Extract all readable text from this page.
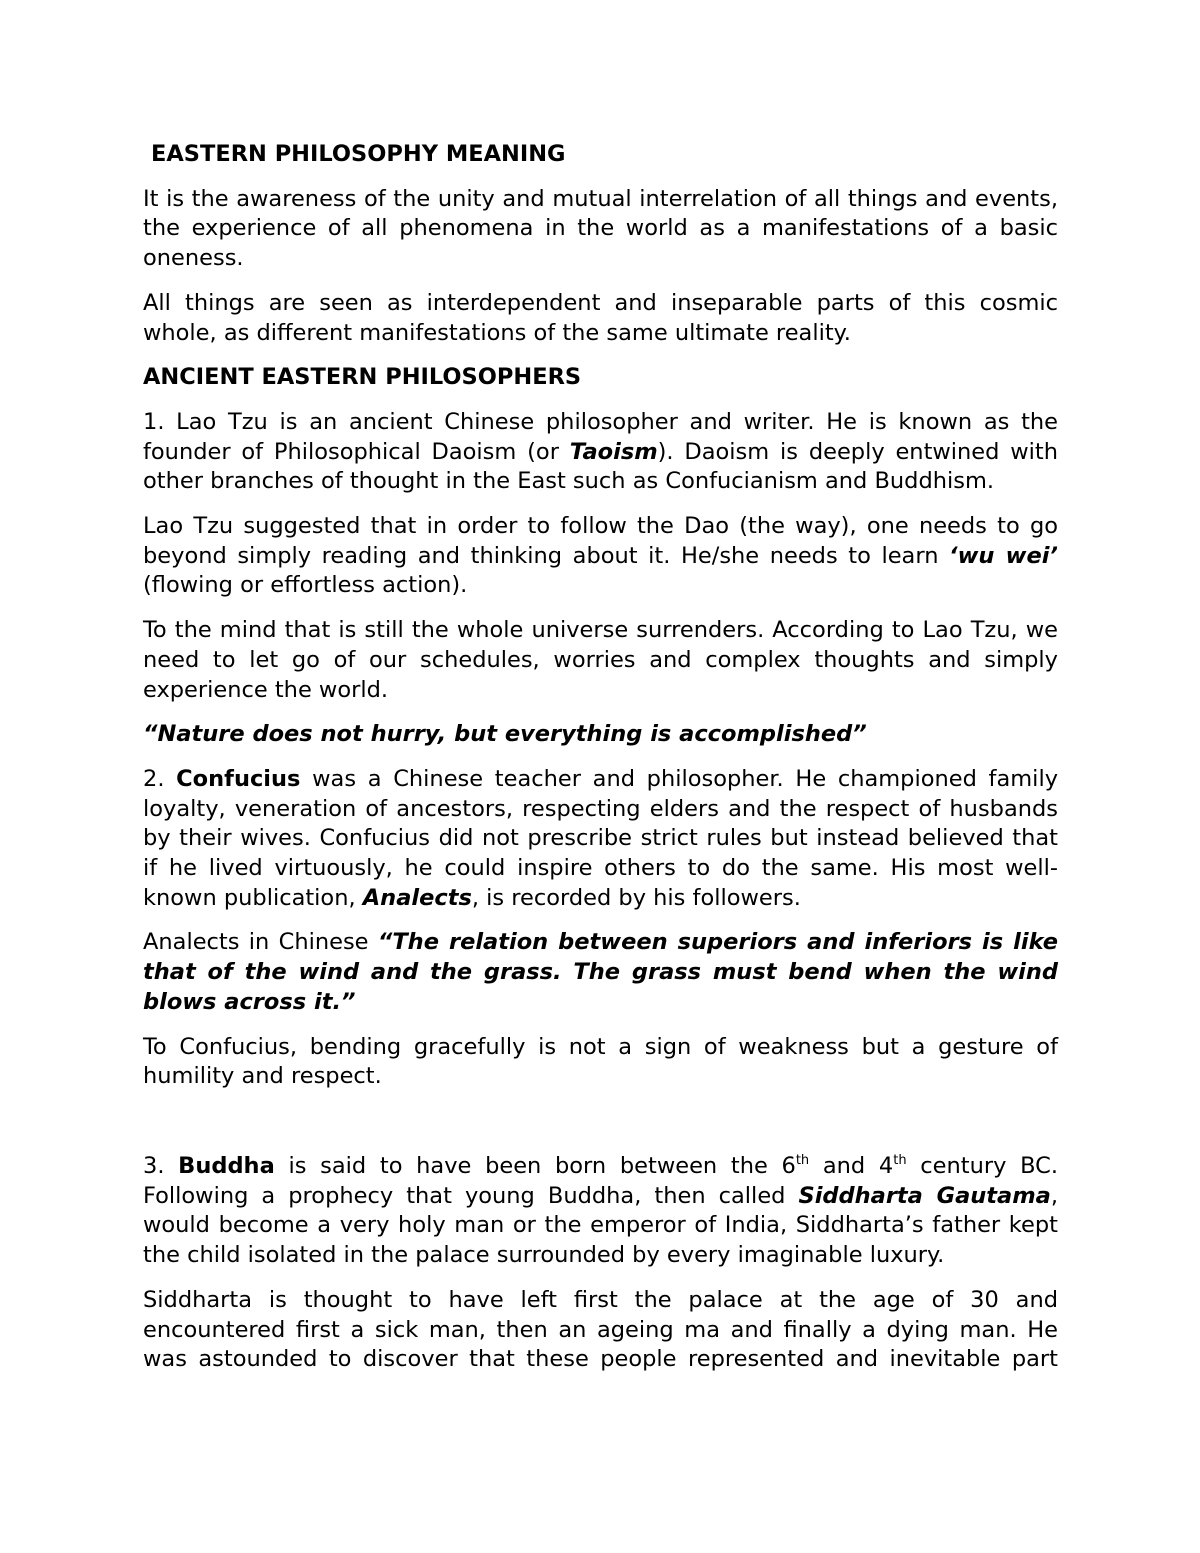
EASTERN PHILOSOPHY MEANING

It is the awareness of the unity and mutual interrelation of all things and events, the experience of all phenomena in the world as a manifestations of a basic oneness.

All things are seen as interdependent and inseparable parts of this cosmic whole, as different manifestations of the same ultimate reality.

ANCIENT EASTERN PHILOSOPHERS

1. Lao Tzu is an ancient Chinese philosopher and writer. He is known as the founder of Philosophical Daoism (or Taoism). Daoism is deeply entwined with other branches of thought in the East such as Confucianism and Buddhism.

Lao Tzu suggested that in order to follow the Dao (the way), one needs to go beyond simply reading and thinking about it. He/she needs to learn ‘wu wei’ (flowing or effortless action).

To the mind that is still the whole universe surrenders. According to Lao Tzu, we need to let go of our schedules, worries and complex thoughts and simply experience the world.

“Nature does not hurry, but everything is accomplished”

2. Confucius was a Chinese teacher and philosopher. He championed family loyalty, veneration of ancestors, respecting elders and the respect of husbands by their wives. Confucius did not prescribe strict rules but instead believed that if he lived virtuously, he could inspire others to do the same. His most well-known publication, Analects, is recorded by his followers.

Analects in Chinese “The relation between superiors and inferiors is like that of the wind and the grass. The grass must bend when the wind blows across it.”

To Confucius, bending gracefully is not a sign of weakness but a gesture of humility and respect.

3. Buddha is said to have been born between the 6th and 4th century BC. Following a prophecy that young Buddha, then called Siddharta Gautama, would become a very holy man or the emperor of India, Siddharta’s father kept the child isolated in the palace surrounded by every imaginable luxury.

Siddharta is thought to have left first the palace at the age of 30 and encountered first a sick man, then an ageing ma and finally a dying man. He was astounded to discover that these people represented and inevitable part
